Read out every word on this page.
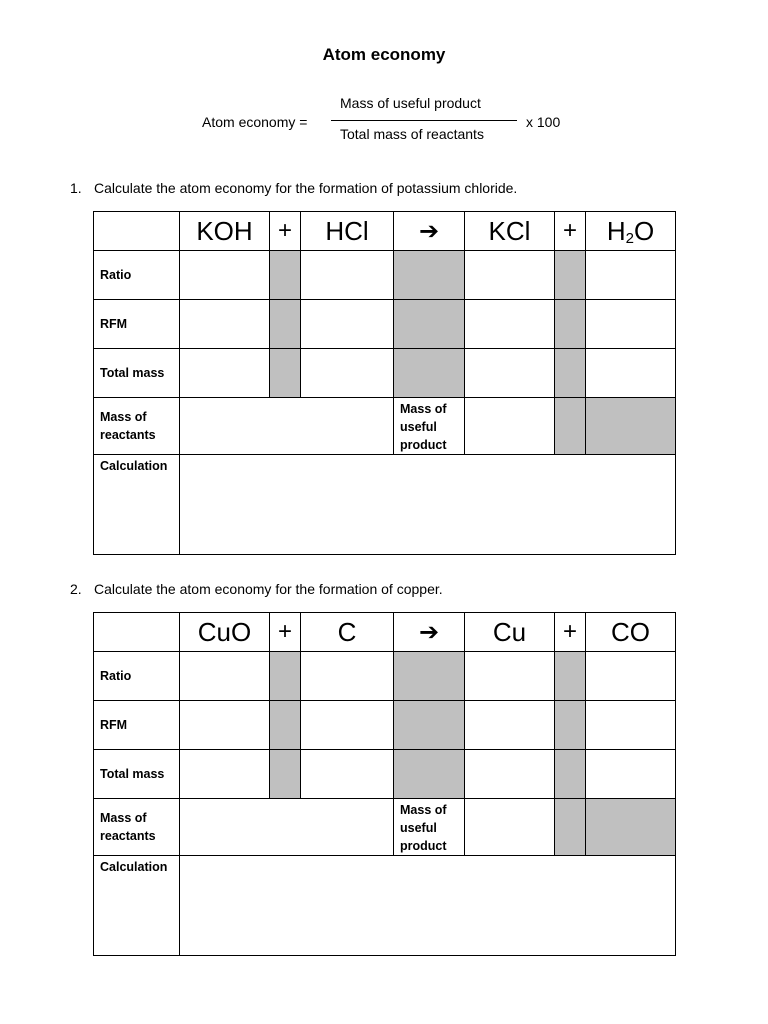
Atom economy
Atom economy =
Mass of useful product
Total mass of reactants
x 100
1. Calculate the atom economy for the formation of potassium chloride.
	KOH	+	HCl	➔	KCl	+	$H_2O$
Ratio							
RFM							
Total mass							
Mass of
reactants				Mass of
useful
product			
Calculation							
2. Calculate the atom economy for the formation of copper.
	CuO	+	C	➔	Cu	+	CO
Ratio							
RFM							
Total mass							
Mass of
reactants				Mass of
useful
product			
Calculation							
